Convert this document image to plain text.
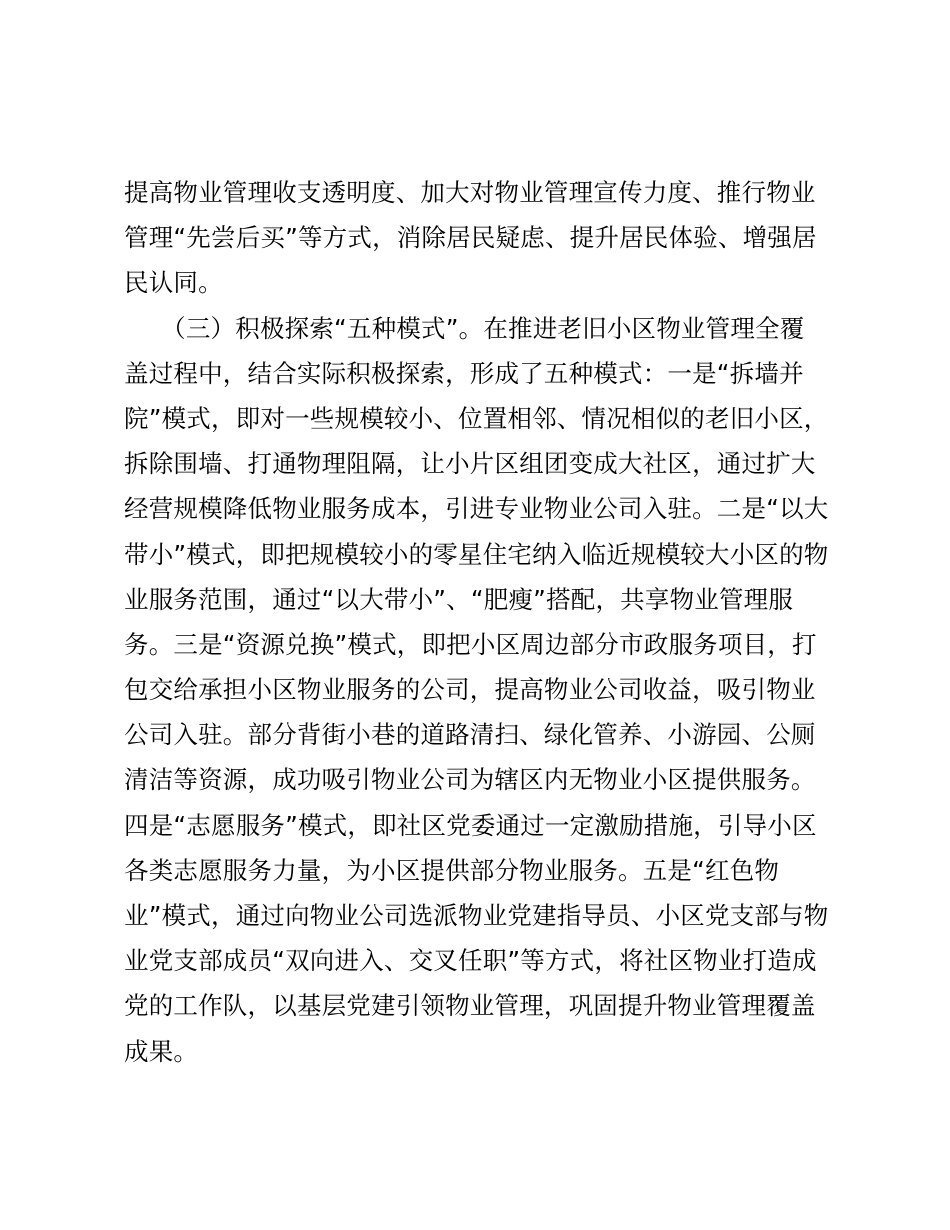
提高物业管理收支透明度、加大对物业管理宣传力度、推行物业
管理“先尝后买”等方式，消除居民疑虑、提升居民体验、增强居
民认同。
　　（三）积极探索“五种模式”。在推进老旧小区物业管理全覆
盖过程中，结合实际积极探索，形成了五种模式：一是“拆墙并
院”模式，即对一些规模较小、位置相邻、情况相似的老旧小区，
拆除围墙、打通物理阻隔，让小片区组团变成大社区，通过扩大
经营规模降低物业服务成本，引进专业物业公司入驻。二是“以大
带小”模式，即把规模较小的零星住宅纳入临近规模较大小区的物
业服务范围，通过“以大带小”、“肥瘦”搭配，共享物业管理服
务。三是“资源兑换”模式，即把小区周边部分市政服务项目，打
包交给承担小区物业服务的公司，提高物业公司收益，吸引物业
公司入驻。部分背街小巷的道路清扫、绿化管养、小游园、公厕
清洁等资源，成功吸引物业公司为辖区内无物业小区提供服务。
四是“志愿服务”模式，即社区党委通过一定激励措施，引导小区
各类志愿服务力量，为小区提供部分物业服务。五是“红色物
业”模式，通过向物业公司选派物业党建指导员、小区党支部与物
业党支部成员“双向进入、交叉任职”等方式，将社区物业打造成
党的工作队，以基层党建引领物业管理，巩固提升物业管理覆盖
成果。
